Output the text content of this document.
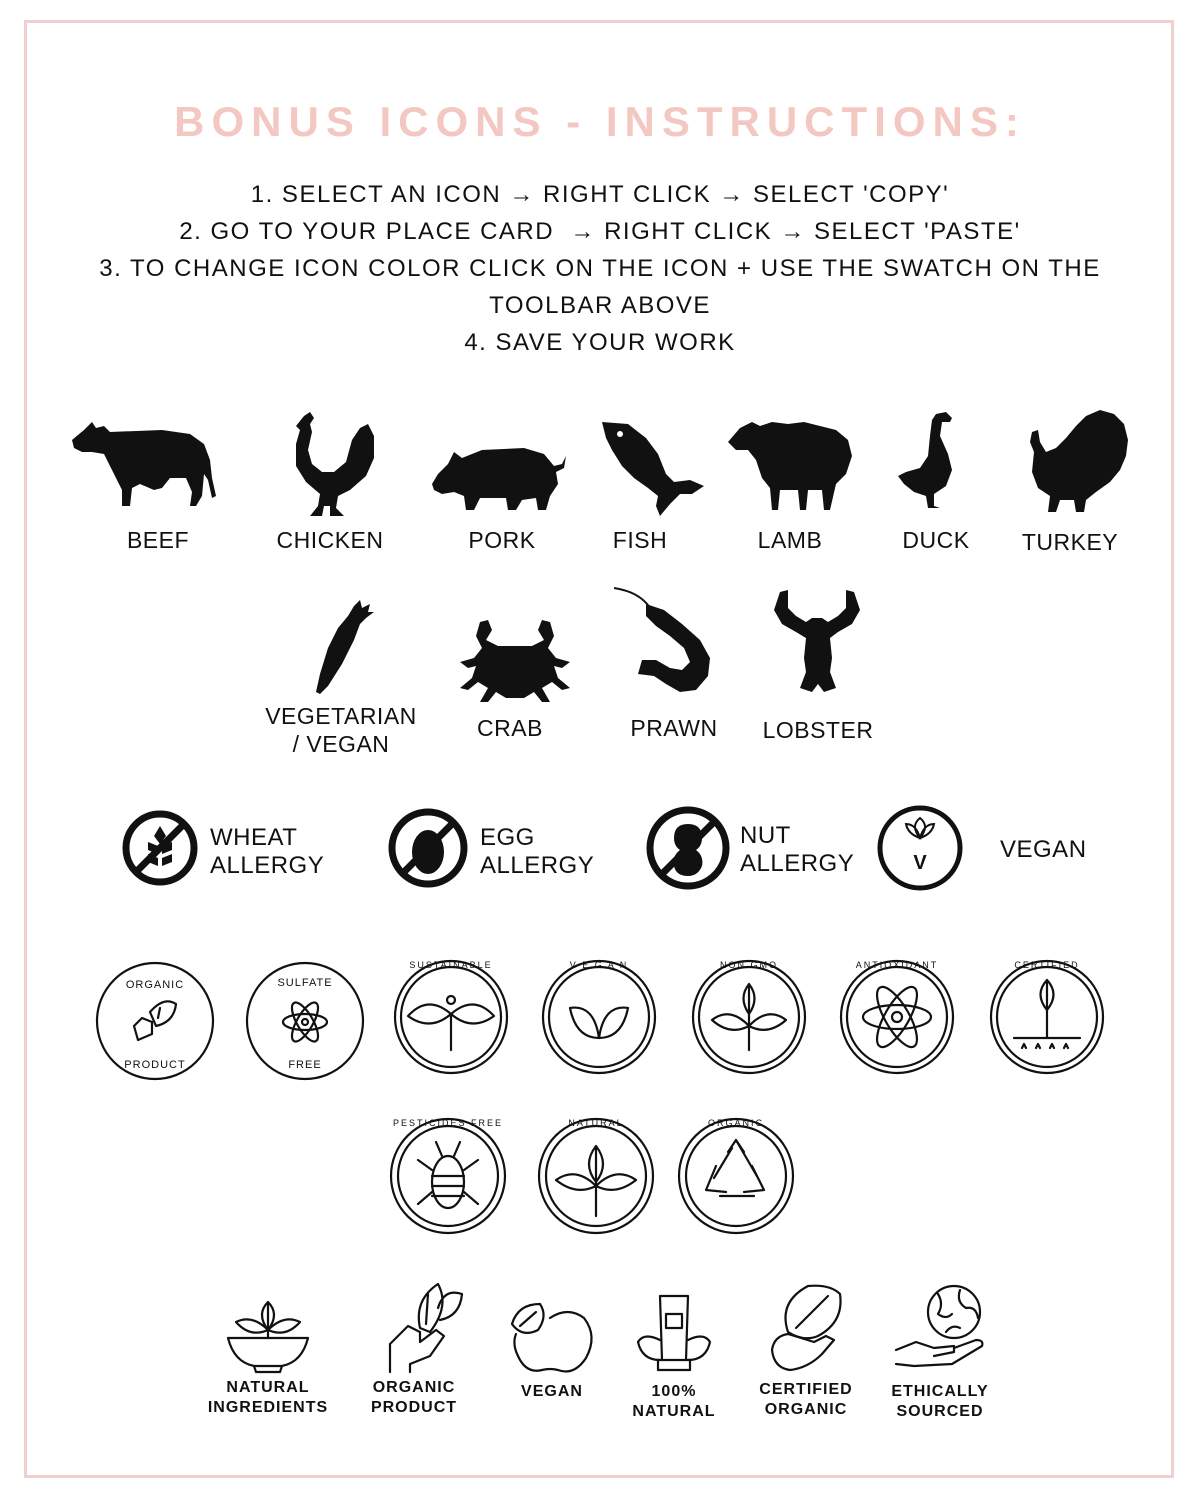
BONUS ICONS - INSTRUCTIONS:
1. SELECT AN ICON → RIGHT CLICK → SELECT 'COPY'
2. GO TO YOUR PLACE CARD  → RIGHT CLICK → SELECT 'PASTE'
3. TO CHANGE ICON COLOR CLICK ON THE ICON + USE THE SWATCH ON THE
TOOLBAR ABOVE
4. SAVE YOUR WORK
BEEF	CHICKEN	PORK	FISH	LAMB	DUCK	TURKEY
VEGETARIAN
/ VEGAN
CRAB	PRAWN	LOBSTER
WHEAT
ALLERGY
EGG
ALLERGY
NUT
ALLERGY	V	VEGAN
ORGANIC
PRODUCT
SULFATE
FREE
SUSTAINABLE	V E G A N	NON GMO	ANTIOXIDANT	CERTIFIED
PESTICIDES FREE	NATURAL	ORGANIC
NATURAL
INGREDIENTS
ORGANIC
PRODUCT
VEGAN	100%
NATURAL
CERTIFIED
ORGANIC
ETHICALLY
SOURCED
